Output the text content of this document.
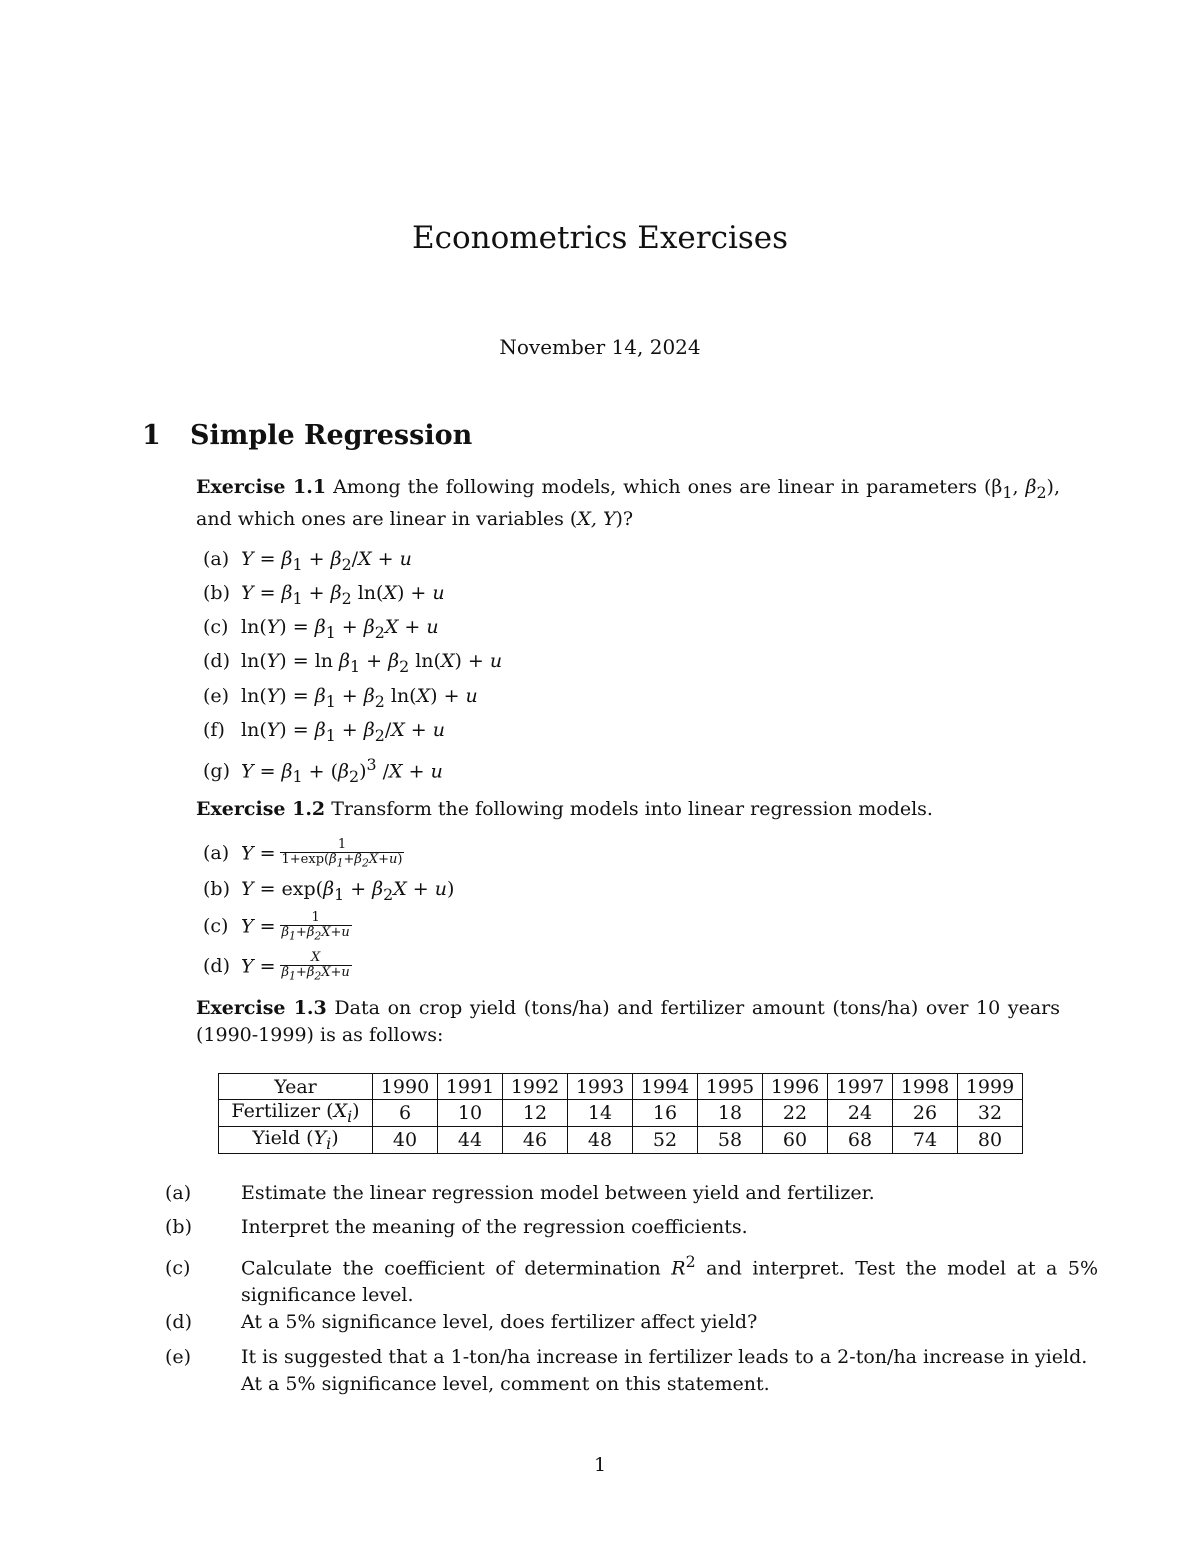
Econometrics Exercises
November 14, 2024
1 Simple Regression
Exercise 1.1 Among the following models, which ones are linear in parameters ($\beta_1$, $\beta_2$), and which ones are linear in variables (X, Y)?
(a) $Y = \beta_1 + \beta_2/X + u$
(b) $Y = \beta_1 + \beta_2$ ln(X) + u
(c) $\ln(Y) = \beta_1 + \beta_2X + u$
(d) $\ln(Y) = \ln \beta_1 + \beta_2$ ln(X) + u
(e) $\ln(Y) = \beta_1 + \beta_2$ ln(X) + u
(f) $\ln(Y) = \beta_1 + \beta_2/X + u$
(g) $Y = \beta_1 + (\beta_2)^3$ /X + u
Exercise 1.2 Transform the following models into linear regression models.
(a) $Y = \frac{1}{1+\exp(\beta_1+\beta_2X+u)}$
(b) $Y = \exp(\beta_1 + \beta_2X + u)$
(c) $Y = \frac{1}{\beta_1+\beta_2X+u}$
(d) $Y = \frac{X}{\beta_1+\beta_2X+u}$
Exercise 1.3 Data on crop yield (tons/ha) and fertilizer amount (tons/ha) over 10 years (1990-1999) is as follows:
Year	1990	1991	1992	1993	1994	1995	1996	1997	1998	1999
Fertilizer $(X_i)$	6	10	12	14	16	18	22	24	26	32
Yield $(Y_i)$	40	44	46	48	52	58	60	68	74	80
(a)	Estimate the linear regression model between yield and fertilizer.
(b)	Interpret the meaning of the regression coefficients.
(c)	Calculate the coefficient of determination $R^2$ and interpret. Test the model at a 5% significance level.
(d)	At a 5% significance level, does fertilizer affect yield?
(e)	It is suggested that a 1-ton/ha increase in fertilizer leads to a 2-ton/ha increase in yield. At a 5% significance level, comment on this statement.
1
